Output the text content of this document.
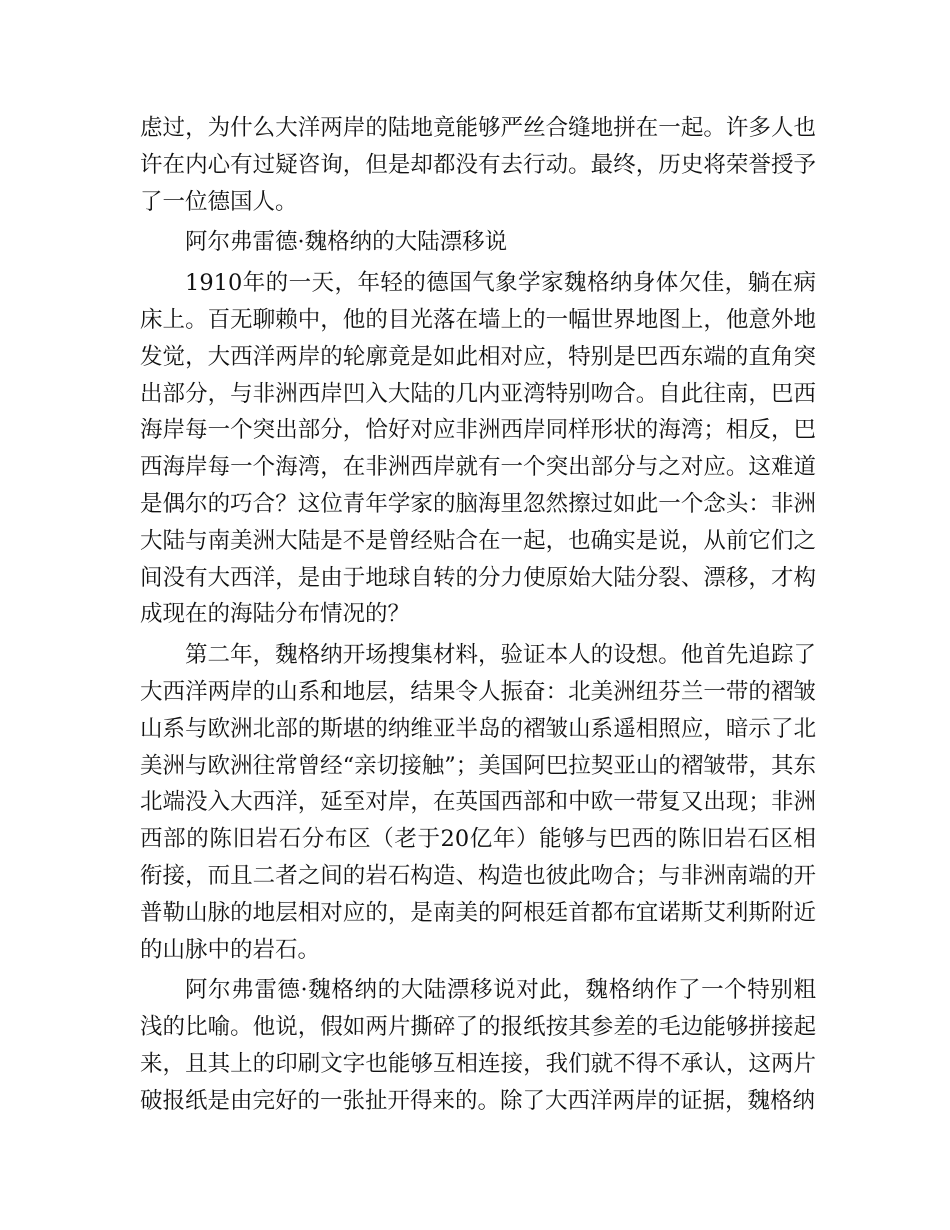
虑过，为什么大洋两岸的陆地竟能够严丝合缝地拼在一起。许多人也许在内心有过疑咨询，但是却都没有去行动。最终，历史将荣誉授予了一位德国人。

阿尔弗雷德·魏格纳的大陆漂移说

1910年的一天，年轻的德国气象学家魏格纳身体欠佳，躺在病床上。百无聊赖中，他的目光落在墙上的一幅世界地图上，他意外地发觉，大西洋两岸的轮廓竟是如此相对应，特别是巴西东端的直角突出部分，与非洲西岸凹入大陆的几内亚湾特别吻合。自此往南，巴西海岸每一个突出部分，恰好对应非洲西岸同样形状的海湾；相反，巴西海岸每一个海湾，在非洲西岸就有一个突出部分与之对应。这难道是偶尔的巧合？这位青年学家的脑海里忽然擦过如此一个念头：非洲大陆与南美洲大陆是不是曾经贴合在一起，也确实是说，从前它们之间没有大西洋，是由于地球自转的分力使原始大陆分裂、漂移，才构成现在的海陆分布情况的？

第二年，魏格纳开场搜集材料，验证本人的设想。他首先追踪了大西洋两岸的山系和地层，结果令人振奋：北美洲纽芬兰一带的褶皱山系与欧洲北部的斯堪的纳维亚半岛的褶皱山系遥相照应，暗示了北美洲与欧洲往常曾经“亲切接触”；美国阿巴拉契亚山的褶皱带，其东北端没入大西洋，延至对岸，在英国西部和中欧一带复又出现；非洲西部的陈旧岩石分布区（老于20亿年）能够与巴西的陈旧岩石区相衔接，而且二者之间的岩石构造、构造也彼此吻合；与非洲南端的开普勒山脉的地层相对应的，是南美的阿根廷首都布宜诺斯艾利斯附近的山脉中的岩石。

阿尔弗雷德·魏格纳的大陆漂移说对此，魏格纳作了一个特别粗浅的比喻。他说，假如两片撕碎了的报纸按其参差的毛边能够拼接起来，且其上的印刷文字也能够互相连接，我们就不得不承认，这两片破报纸是由完好的一张扯开得来的。除了大西洋两岸的证据，魏格纳
